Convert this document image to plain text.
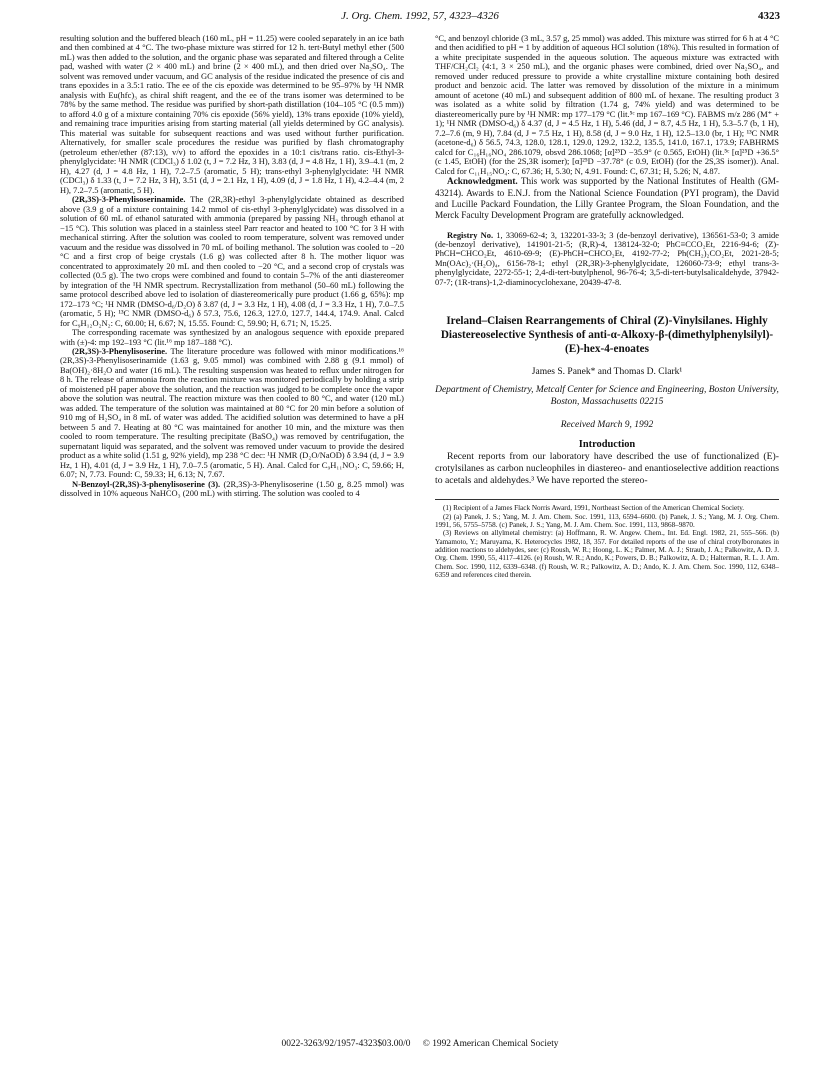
J. Org. Chem. 1992, 57, 4323–4326	4323

resulting solution and the buffered bleach (160 mL, pH = 11.25) were cooled separately in an ice bath and then combined at 4 °C. The two-phase mixture was stirred for 12 h. tert-Butyl methyl ether (500 mL) was then added to the solution, and the organic phase was separated and filtered through a Celite pad, washed with water (2 × 400 mL) and brine (2 × 400 mL), and then dried over Na₂SO₄. The solvent was removed under vacuum, and GC analysis of the residue indicated the presence of cis and trans epoxides in a 3.5:1 ratio. The ee of the cis epoxide was determined to be 95–97% by ¹H NMR analysis with Eu(hfc)₃ as chiral shift reagent, and the ee of the trans isomer was determined to be 78% by the same method. The residue was purified by short-path distillation (104–105 °C (0.5 mm)) to afford 4.0 g of a mixture containing 70% cis epoxide (56% yield), 13% trans epoxide (10% yield), and remaining trace impurities arising from starting material (all yields determined by GC analysis). This material was suitable for subsequent reactions and was used without further purification. Alternatively, for smaller scale procedures the residue was purified by flash chromatography (petroleum ether/ether (87:13), v/v) to afford the epoxides in a 10:1 cis/trans ratio. cis-Ethyl-3-phenylglycidate: ¹H NMR (CDCl₃) δ 1.02 (t, J = 7.2 Hz, 3 H), 3.83 (d, J = 4.8 Hz, 1 H), 3.9–4.1 (m, 2 H), 4.27 (d, J = 4.8 Hz, 1 H), 7.2–7.5 (aromatic, 5 H); trans-ethyl 3-phenylglycidate: ¹H NMR (CDCl₃) δ 1.33 (t, J = 7.2 Hz, 3 H), 3.51 (d, J = 2.1 Hz, 1 H), 4.09 (d, J = 1.8 Hz, 1 H), 4.2–4.4 (m, 2 H), 7.2–7.5 (aromatic, 5 H).

(2R,3S)-3-Phenylisoserinamide. The (2R,3R)-ethyl 3-phenylglycidate obtained as described above (3.9 g of a mixture containing 14.2 mmol of cis-ethyl 3-phenylglycidate) was dissolved in a solution of 60 mL of ethanol saturated with ammonia (prepared by passing NH₃ through ethanol at −15 °C). This solution was placed in a stainless steel Parr reactor and heated to 100 °C for 3 H with mechanical stirring. After the solution was cooled to room temperature, solvent was removed under vacuum and the residue was dissolved in 70 mL of boiling methanol. The solution was cooled to −20 °C and a first crop of beige crystals (1.6 g) was collected after 8 h. The mother liquor was concentrated to approximately 20 mL and then cooled to −20 °C, and a second crop of crystals was collected (0.5 g). The two crops were combined and found to contain 5–7% of the anti diastereomer by integration of the ¹H NMR spectrum. Recrystallization from methanol (50–60 mL) following the same protocol described above led to isolation of diastereomerically pure product (1.66 g, 65%): mp 172–173 °C; ¹H NMR (DMSO-d₆/D₂O) δ 3.87 (d, J = 3.3 Hz, 1 H), 4.08 (d, J = 3.3 Hz, 1 H), 7.0–7.5 (aromatic, 5 H); ¹³C NMR (DMSO-d₆) δ 57.3, 75.6, 126.3, 127.0, 127.7, 144.4, 174.9. Anal. Calcd for C₉H₁₂O₂N₂: C, 60.00; H, 6.67; N, 15.55. Found: C, 59.90; H, 6.71; N, 15.25.

The corresponding racemate was synthesized by an analogous sequence with epoxide prepared with (±)-4: mp 192–193 °C (lit.¹⁶ mp 187–188 °C).

(2R,3S)-3-Phenylisoserine. The literature procedure was followed with minor modifications.¹⁶ (2R,3S)-3-Phenylisoserinamide (1.63 g, 9.05 mmol) was combined with 2.88 g (9.1 mmol) of Ba(OH)₂·8H₂O and water (16 mL). The resulting suspension was heated to reflux under nitrogen for 8 h. The release of ammonia from the reaction mixture was monitored periodically by holding a strip of moistened pH paper above the solution, and the reaction was judged to be complete once the vapor above the solution was neutral. The reaction mixture was then cooled to 80 °C, and water (120 mL) was added. The temperature of the solution was maintained at 80 °C for 20 min before a solution of 910 mg of H₂SO₄ in 8 mL of water was added. The acidified solution was determined to have a pH between 5 and 7. Heating at 80 °C was maintained for another 10 min, and the mixture was then cooled to room temperature. The resulting precipitate (BaSO₄) was removed by centrifugation, the supernatant liquid was separated, and the solvent was removed under vacuum to provide the desired product as a white solid (1.51 g, 92% yield), mp 238 °C dec: ¹H NMR (D₂O/NaOD) δ 3.94 (d, J = 3.9 Hz, 1 H), 4.01 (d, J = 3.9 Hz, 1 H), 7.0–7.5 (aromatic, 5 H). Anal. Calcd for C₉H₁₁NO₃: C, 59.66; H, 6.07; N, 7.73. Found: C, 59.33; H, 6.13; N, 7.67.

N-Benzoyl-(2R,3S)-3-phenylisoserine (3). (2R,3S)-3-Phenylisoserine (1.50 g, 8.25 mmol) was dissolved in 10% aqueous NaHCO₃ (200 mL) with stirring. The solution was cooled to 4

°C, and benzoyl chloride (3 mL, 3.57 g, 25 mmol) was added. This mixture was stirred for 6 h at 4 °C and then acidified to pH = 1 by addition of aqueous HCl solution (18%). This resulted in formation of a white precipitate suspended in the aqueous solution. The aqueous mixture was extracted with THF/CH₂Cl₂ (4:1, 3 × 250 mL), and the organic phases were combined, dried over Na₂SO₄, and removed under reduced pressure to provide a white crystalline mixture containing both desired product and benzoic acid. The latter was removed by dissolution of the mixture in a minimum amount of acetone (40 mL) and subsequent addition of 800 mL of hexane. The resulting product 3 was isolated as a white solid by filtration (1.74 g, 74% yield) and was determined to be diastereomerically pure by ¹H NMR: mp 177–179 °C (lit.⁵ᶜ mp 167–169 °C). FABMS m/z 286 (M⁺ + 1); ¹H NMR (DMSO-d₆) δ 4.37 (d, J = 4.5 Hz, 1 H), 5.46 (dd, J = 8.7, 4.5 Hz, 1 H), 5.3–5.7 (b, 1 H), 7.2–7.6 (m, 9 H), 7.84 (d, J = 7.5 Hz, 1 H), 8.58 (d, J = 9.0 Hz, 1 H), 12.5–13.0 (br, 1 H); ¹³C NMR (acetone-d₆) δ 56.5, 74.3, 128.0, 128.1, 129.0, 129.2, 132.2, 135.5, 141.0, 167.1, 173.9; FABHRMS calcd for C₁₆H₁₆NO₄ 286.1079, obsvd 286.1068; [α]²⁵D −35.9° (c 0.565, EtOH) (lit.⁵ᶜ [α]²⁵D +36.5° (c 1.45, EtOH) (for the 2S,3R isomer); [α]²⁵D −37.78° (c 0.9, EtOH) (for the 2S,3S isomer)). Anal. Calcd for C₁₁H₁₅NO₄: C, 67.36; H, 5.30; N, 4.91. Found: C, 67.31; H, 5.26; N, 4.87.

Acknowledgment. This work was supported by the National Institutes of Health (GM-43214). Awards to E.N.J. from the National Science Foundation (PYI program), the David and Lucille Packard Foundation, the Lilly Grantee Program, the Sloan Foundation, and the Merck Faculty Development Program are gratefully acknowledged.

Registry No. 1, 33069-62-4; 3, 132201-33-3; 3 (de-benzoyl derivative), 136561-53-0; 3 amide (de-benzoyl derivative), 141901-21-5; (R,R)-4, 138124-32-0; PhC≡CCO₂Et, 2216-94-6; (Z)-PhCH=CHCO₂Et, 4610-69-9; (E)-PhCH=CHCO₂Et, 4192-77-2; Ph(CH₂)₂CO₂Et, 2021-28-5; Mn(OAc)₂·(H₂O)₄, 6156-78-1; ethyl (2R,3R)-3-phenylglycidate, 126060-73-9; ethyl trans-3-phenylglycidate, 2272-55-1; 2,4-di-tert-butylphenol, 96-76-4; 3,5-di-tert-butylsalicaldehyde, 37942-07-7; (1R-trans)-1,2-diaminocyclohexane, 20439-47-8.

Ireland–Claisen Rearrangements of Chiral (Z)-Vinylsilanes. Highly Diastereoselective Synthesis of anti-α-Alkoxy-β-(dimethylphenylsilyl)-(E)-hex-4-enoates
James S. Panek* and Thomas D. Clark¹
Department of Chemistry, Metcalf Center for Science and Engineering, Boston University, Boston, Massachusetts 02215
Received March 9, 1992
Introduction

Recent reports from our laboratory have described the use of functionalized (E)-crotylsilanes as carbon nucleophiles in diastereo- and enantioselective addition reactions to acetals and aldehydes.³ We have reported the stereo-

(1) Recipient of a James Flack Norris Award, 1991, Northeast Section of the American Chemical Society.

(2) (a) Panek, J. S.; Yang, M. J. Am. Chem. Soc. 1991, 113, 6594–6600. (b) Panek, J. S.; Yang, M. J. Org. Chem. 1991, 56, 5755–5758. (c) Panek, J. S.; Yang, M. J. Am. Chem. Soc. 1991, 113, 9868–9870.

(3) Reviews on allylmetal chemistry: (a) Hoffmann, R. W. Angew. Chem., Int. Ed. Engl. 1982, 21, 555–566. (b) Yamamoto, Y.; Maruyama, K. Heterocycles 1982, 18, 357. For detailed reports of the use of chiral crotylboronates in addition reactions to aldehydes, see: (c) Roush, W. R.; Hoong, L. K.; Palmer, M. A. J.; Straub, J. A.; Palkowitz, A. D. J. Org. Chem. 1990, 55, 4117–4126. (e) Roush, W. R.; Ando, K.; Powers, D. B.; Palkowitz, A. D.; Halterman, R. L. J. Am. Chem. Soc. 1990, 112, 6339–6348. (f) Roush, W. R.; Palkowitz, A. D.; Ando, K. J. Am. Chem. Soc. 1990, 112, 6348–6359 and references cited therein.

0022-3263/92/1957-4323$03.00/0 © 1992 American Chemical Society
